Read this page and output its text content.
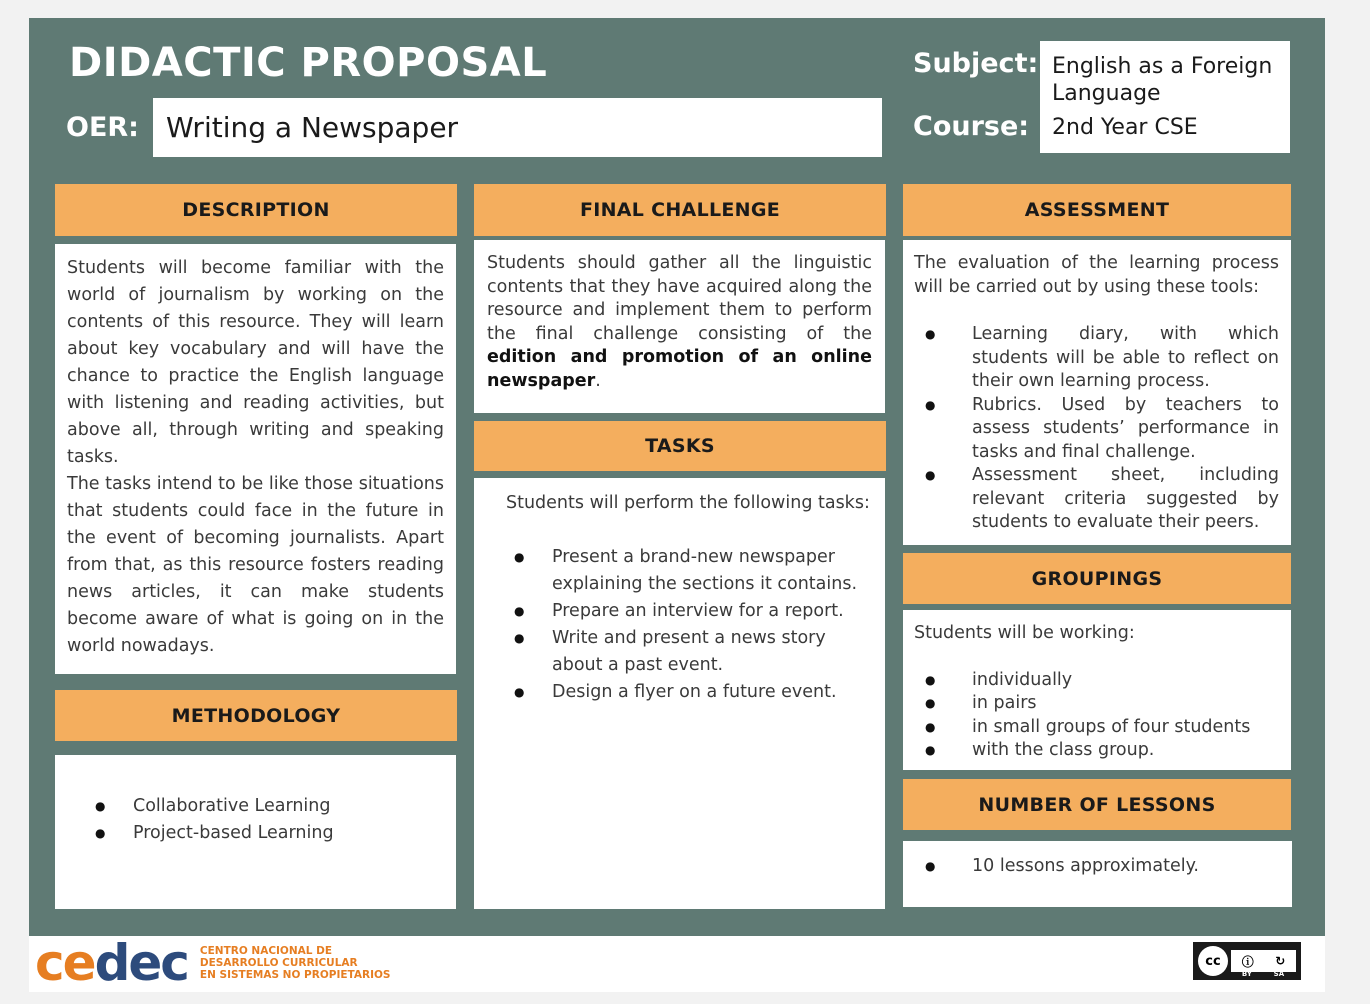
DIDACTIC PROPOSAL
OER: Writing a Newspaper
Subject:
Course:
English as a Foreign Language
2nd Year CSE
DESCRIPTION
Students will become familiar with the world of journalism by working on the contents of this resource. They will learn about key vocabulary and will have the chance to practice the English language with listening and reading activities, but above all, through writing and speaking tasks.
The tasks intend to be like those situations that students could face in the future in the event of becoming journalists. Apart from that, as this resource fosters reading news articles, it can make students become aware of what is going on in the world nowadays.
METHODOLOGY
● Collaborative Learning
● Project-based Learning
FINAL CHALLENGE
Students should gather all the linguistic contents that they have acquired along the resource and implement them to perform the final challenge consisting of the edition and promotion of an online newspaper.
TASKS
Students will perform the following tasks:
● Present a brand-new newspaper explaining the sections it contains.
● Prepare an interview for a report.
● Write and present a news story about a past event.
● Design a flyer on a future event.
ASSESSMENT
The evaluation of the learning process will be carried out by using these tools:
● Learning diary, with which students will be able to reflect on their own learning process.
● Rubrics. Used by teachers to assess students’ performance in tasks and final challenge.
● Assessment sheet, including relevant criteria suggested by students to evaluate their peers.
GROUPINGS
Students will be working:
● individually
● in pairs
● in small groups of four students
● with the class group.
NUMBER OF LESSONS
● 10 lessons approximately.
cedec CENTRO NACIONAL DE
DESARROLLO CURRICULAR
EN SISTEMAS NO PROPIETARIOS
cc	ⓘ ↻
BY	SA
